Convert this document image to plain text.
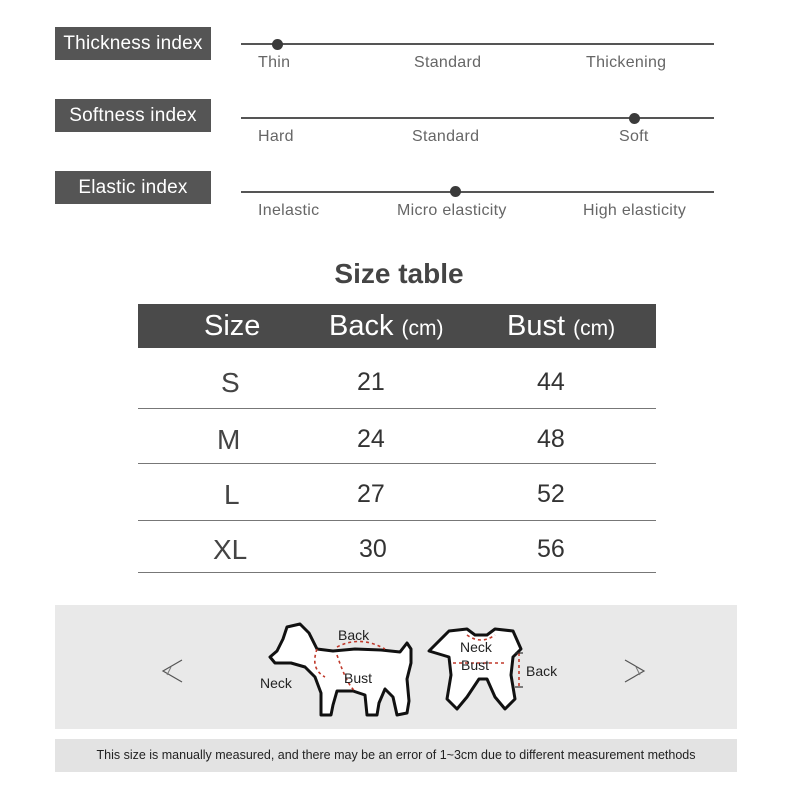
Thickness index
Thin	Standard	Thickening
Softness index
Hard	Standard	Soft
Elastic index
Inelastic	Micro elasticity	High elasticity
Size table
Size Back (cm) Bust (cm)
S	21	44
M	24	48
L	27	52
XL	30	56
Back
Neck	Bust
Neck
Bust	Back
This size is manually measured, and there may be an error of 1~3cm due to different measurement methods
